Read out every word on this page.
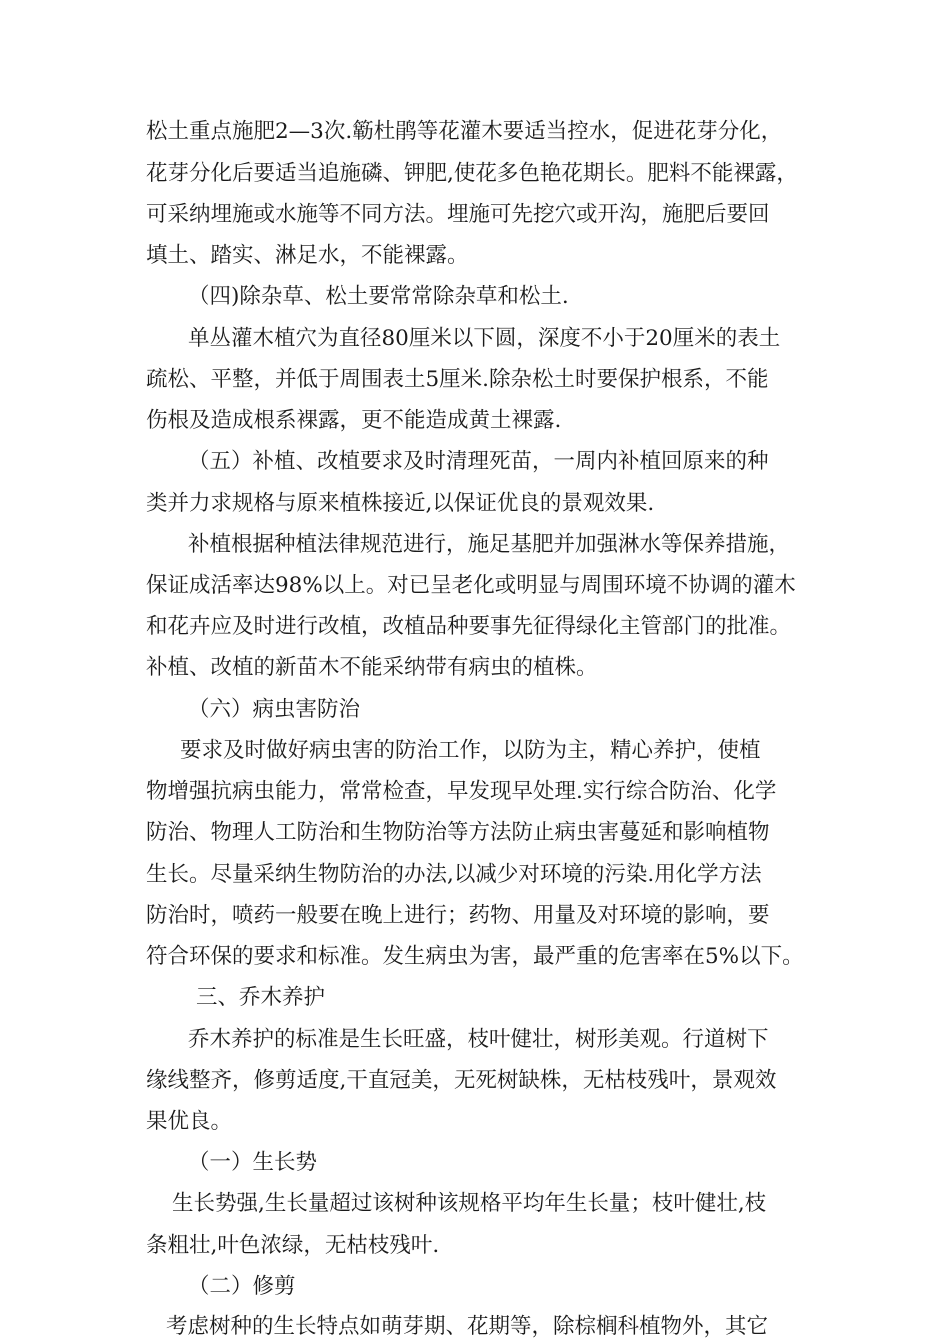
松土重点施肥2—3次.簕杜鹃等花灌木要适当控水，促进花芽分化，
花芽分化后要适当追施磷、钾肥,使花多色艳花期长。肥料不能裸露，
可采纳埋施或水施等不同方法。埋施可先挖穴或开沟，施肥后要回
填土、踏实、淋足水，不能裸露。
（四)除杂草、松土要常常除杂草和松土.
单丛灌木植穴为直径80厘米以下圆，深度不小于20厘米的表土
疏松、平整，并低于周围表土5厘米.除杂松土时要保护根系，不能
伤根及造成根系裸露，更不能造成黄土裸露.
（五）补植、改植要求及时清理死苗，一周内补植回原来的种
类并力求规格与原来植株接近,以保证优良的景观效果.
补植根据种植法律规范进行，施足基肥并加强淋水等保养措施，
保证成活率达98%以上。对已呈老化或明显与周围环境不协调的灌木
和花卉应及时进行改植，改植品种要事先征得绿化主管部门的批准。
补植、改植的新苗木不能采纳带有病虫的植株。
（六）病虫害防治
要求及时做好病虫害的防治工作，以防为主，精心养护，使植
物增强抗病虫能力，常常检查，早发现早处理.实行综合防治、化学
防治、物理人工防治和生物防治等方法防止病虫害蔓延和影响植物
生长。尽量采纳生物防治的办法,以减少对环境的污染.用化学方法
防治时，喷药一般要在晚上进行；药物、用量及对环境的影响，要
符合环保的要求和标准。发生病虫为害，最严重的危害率在5%以下。
三、乔木养护
乔木养护的标准是生长旺盛，枝叶健壮，树形美观。行道树下
缘线整齐，修剪适度,干直冠美，无死树缺株，无枯枝残叶，景观效
果优良。
（一）生长势
生长势强,生长量超过该树种该规格平均年生长量；枝叶健壮,枝
条粗壮,叶色浓绿，无枯枝残叶.
（二）修剪
考虑树种的生长特点如萌芽期、花期等，除棕榈科植物外，其它
